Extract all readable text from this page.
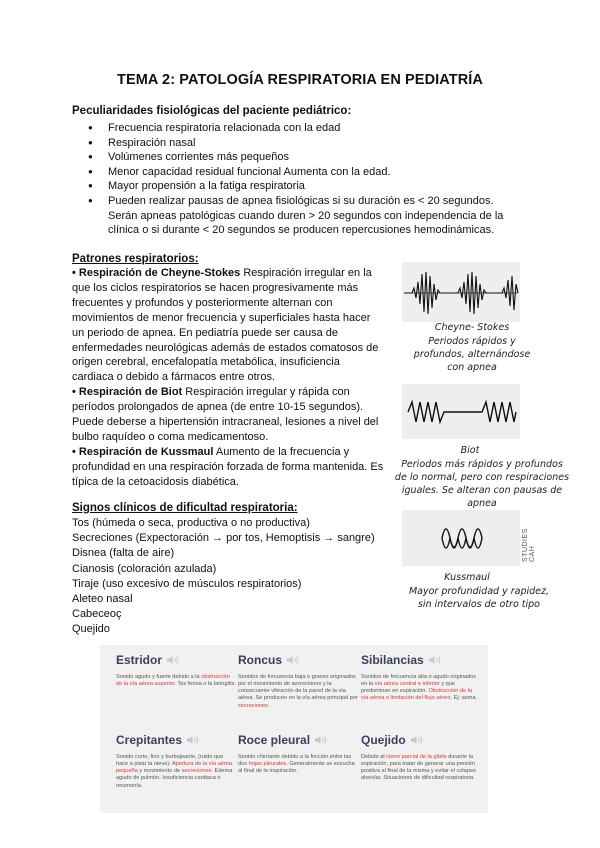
TEMA 2: PATOLOGÍA RESPIRATORIA EN PEDIATRÍA
Peculiaridades fisiológicas del paciente pediátrico:
● Frecuencia respiratoria relacionada con la edad
● Respiración nasal
● Volúmenes corrientes más pequeños
● Menor capacidad residual funcional Aumenta con la edad.
● Mayor propensión a la fatiga respiratoria
● Pueden realizar pausas de apnea fisiológicas si su duración es < 20 segundos. Serán apneas patológicas cuando duren > 20 segundos con independencia de la clínica o si durante < 20 segundos se producen repercusiones hemodinámicas.
Patrones respiratorios:
• Respiración de Cheyne-Stokes Respiración irregular en la que los ciclos respiratorios se hacen progresivamente más frecuentes y profundos y posteriormente alternan con movimientos de menor frecuencia y superficiales hasta hacer un periodo de apnea. En pediatría puede ser causa de enfermedades neurológicas además de estados comatosos de origen cerebral, encefalopatía metabólica, insuficiencia cardiaca o debido a fármacos entre otros.
• Respiración de Biot Respiración irregular y rápida con períodos prolongados de apnea (de entre 10-15 segundos). Puede deberse a hipertensión intracraneal, lesiones a nivel del bulbo raquídeo o coma medicamentoso.
• Respiración de Kussmaul Aumento de la frecuencia y profundidad en una respiración forzada de forma mantenida. Es típica de la cetoacidosis diabética.
Cheyne- Stokes
Periodos rápidos y profundos, alternándose con apnea
Biot
Periodos más rápidos y profundos de lo normal, pero con respiraciones iguales. Se alteran con pausas de apnea
STUDIES CAH
Kussmaul
Mayor profundidad y rapidez, sin intervalos de otro tipo
Signos clínicos de dificultad respiratoria:
Tos (húmeda o seca, productiva o no productiva)
Secreciones (Expectoración → por tos, Hemoptisis → sangre)
Disnea (falta de aire)
Cianosis (coloración azulada)
Tiraje (uso excesivo de músculos respiratorios)
Aleteo nasal
Cabeceoç
Quejido
Estridor
Sonido agudo y fuerte debido a la obstrucción de la vía aérea superior. Tos ferina o la laringitis.
Roncus
Sonidos de frecuencia baja o graves originados por el movimiento de secreciones y la consecuente vibración de la pared de la vía aérea. Se producen en la vía aérea principal por secreciones.
Sibilancias
Sonidos de frecuencia alta o agudo originados en la vía aérea central e inferior y que predominan en espiración. Obstrucción de la vía aérea o limitación del flujo aéreo. Ej: asma.
Crepitantes
Sonido corto, fino y burbujeante, (ruido que hace a pisar la nieve). Apertura de la vía aérea pequeña y movimiento de secreciones. Edema agudo de pulmón. Insuficiencia cardiaca o neumonía.
Roce pleural
Sonido chirriante debido a la fricción entre las dos hojas pleurales. Generalmente se escucha al final de la inspiración.
Quejido
Debido al cierre parcial de la glotis durante la espiración, para tratar de generar una presión positiva al final de la misma y evitar el colapso alveolar. Situaciones de dificultad respiratoria.
